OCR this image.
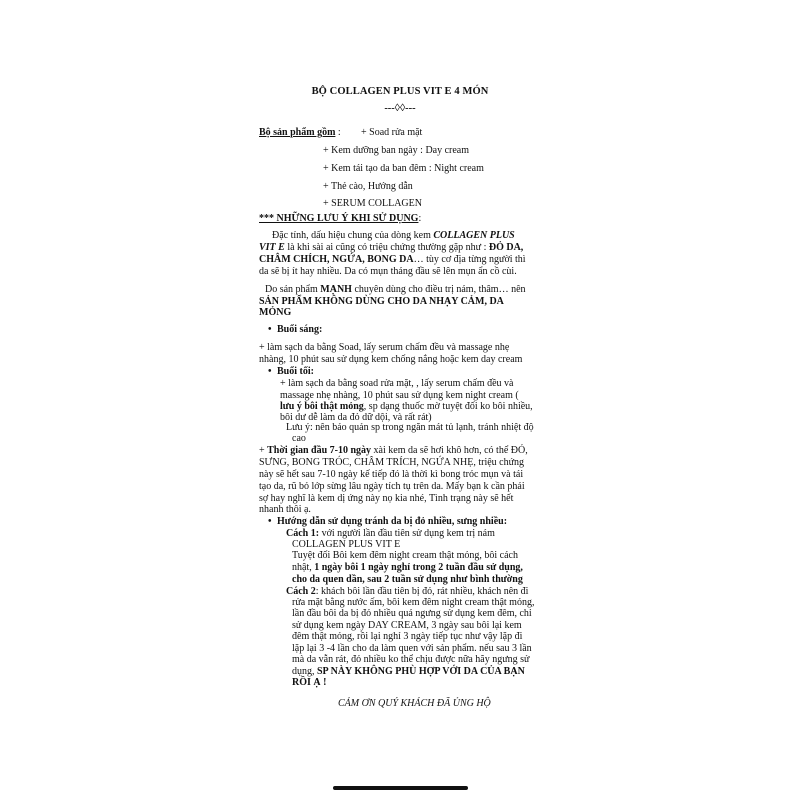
BỘ COLLAGEN PLUS VIT E 4 MÓN
---◊◊---
Bộ sản phẩm gồm : + Soad rửa mặt
+ Kem dưỡng ban ngày : Day cream
+ Kem tái tạo da ban đêm : Night cream
+ Thẻ cào, Hướng dẫn
+ SERUM COLLAGEN
*** NHỮNG LƯU Ý KHI SỬ DỤNG:
Đặc tính, dấu hiệu chung của dòng kem COLLAGEN PLUS
VIT E là khi sài ai cũng có triệu chứng thường gặp như : ĐỎ DA,
CHÂM CHÍCH, NGỨA, BONG DA… tùy cơ địa từng người thì
da sẽ bị ít hay nhiều. Da có mụn tháng đầu sẽ lên mụn ẩn cồ cùi.
Do sản phẩm MẠNH chuyên dùng cho điều trị nám, thâm… nên
SẢN PHẨM KHÔNG DÙNG CHO DA NHẠY CẢM, DA
MỎNG
• Buổi sáng:
+ làm sạch da bằng Soad, lấy serum chấm đều và massage nhẹ
nhàng, 10 phút sau sử dụng kem chống nắng hoặc kem day cream
• Buổi tối:
+ làm sạch da bằng soad rửa mặt, , lấy serum chấm đều và
massage nhẹ nhàng, 10 phút sau sử dụng kem night cream (
lưu ý bôi thật mỏng, sp dạng thuốc mờ tuyệt đối ko bôi nhiều,
bôi dư dễ làm da đỏ dữ dội, và rất rát)
Lưu ý: nên bảo quản sp trong ngăn mát tủ lạnh, tránh nhiệt độ
cao
+ Thời gian đầu 7-10 ngày xài kem da sẽ hơi khô hơn, có thể ĐỎ,
SƯNG, BONG TRÓC, CHÂM TRÍCH, NGỨA NHẸ, triệu chứng
này sẽ hết sau 7-10 ngày kế tiếp đó là thời kì bong tróc mụn và tái
tạo da, rũ bỏ lớp sừng lâu ngày tích tụ trên da. Mấy bạn k cần phải
sợ hay nghĩ là kem dị ứng này nọ kia nhé, Tình trạng này sẽ hết
nhanh thôi ạ.
• Hướng dẫn sử dụng tránh da bị đỏ nhiều, sưng nhiều:
Cách 1: với người lần đầu tiên sử dụng kem trị nám
COLLAGEN PLUS VIT E
Tuyệt đối Bôi kem đêm night cream thật mỏng, bôi cách
nhật, 1 ngày bôi 1 ngày nghỉ trong 2 tuần đầu sử dụng,
cho da quen dần, sau 2 tuần sử dụng như bình thường
Cách 2: khách bôi lần đầu tiên bị đỏ, rát nhiều, khách nên đi
rửa mặt bằng nước ấm, bôi kem đêm night cream thật mỏng,
lần đầu bôi da bị đỏ nhiều quá ngưng sử dụng kem đêm, chỉ
sử dụng kem ngày DAY CREAM, 3 ngày sau bôi lại kem
đêm thật mỏng, rồi lại nghỉ 3 ngày tiếp tục như vậy lặp đi
lặp lại 3 -4 lần cho da làm quen với sản phẩm. nếu sau 3 lần
mà da vẫn rát, đỏ nhiều ko thể chịu được nữa hãy ngưng sử
dụng, SP NÀY KHÔNG PHÙ HỢP VỚI DA CỦA BẠN
RỒI Ạ !
CẢM ƠN QUÝ KHÁCH ĐÃ ỦNG HỘ
